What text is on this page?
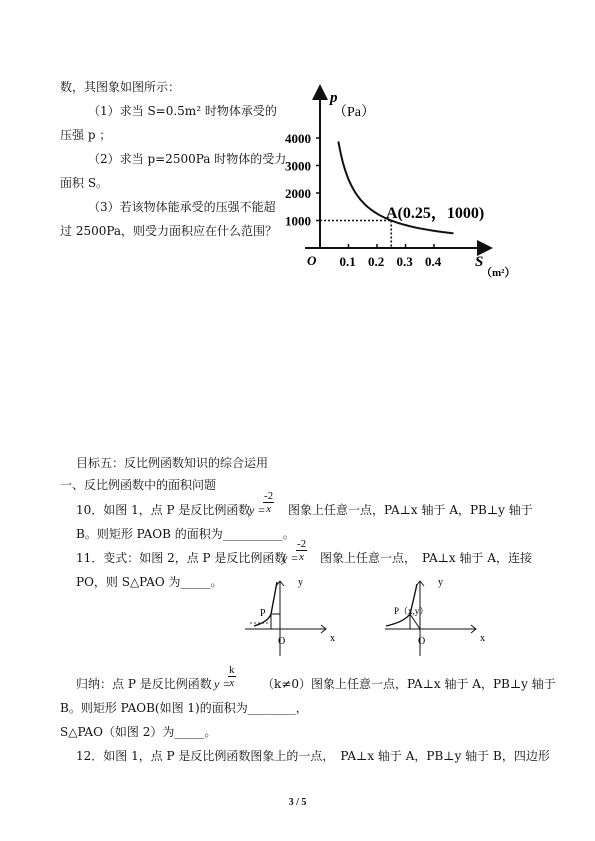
数，其图象如图所示：
（1）求当 S=0.5m² 时物体承受的
压强 p ；
（2）求当 p=2500Pa 时物体的受力
面积 S。
（3）若该物体能承受的压强不能超
过 2500Pa，则受力面积应在什么范围？
4000
3000
2000
1000
0.1 0.2 0.3 0.4
p
（Pa）
S
（m²）
O
A(0.25，1000)
目标五：反比例函数知识的综合运用
一、反比例函数中的面积问题
10．如图 1，点 P 是反比例函数
y =
$\frac{-2}{x}$ 图象上任意一点，PA⊥x 轴于 A，PB⊥y 轴于
B。则矩形 PAOB 的面积为__________。
11．变式：如图 2，点 P 是反比例函数
y =
$\frac{-2}{x}$ 图象上任意一点，　PA⊥x 轴于 A，连接
PO，则 S△PAO 为_____。
P
O	x
y
P（x,y）
O	x
y
归纳：点 P 是反比例函数 y =
$\frac{k}{x} (k\ne 0)$图象上任意一点，PA⊥x 轴于 A，PB⊥y 轴于
B。则矩形 PAOB(如图 1)的面积为________，
S△PAO（如图 2）为_____。
12．如图 1，点 P 是反比例函数图象上的一点，　PA⊥x 轴于 A，PB⊥y 轴于 B，四边形
3 / 5
